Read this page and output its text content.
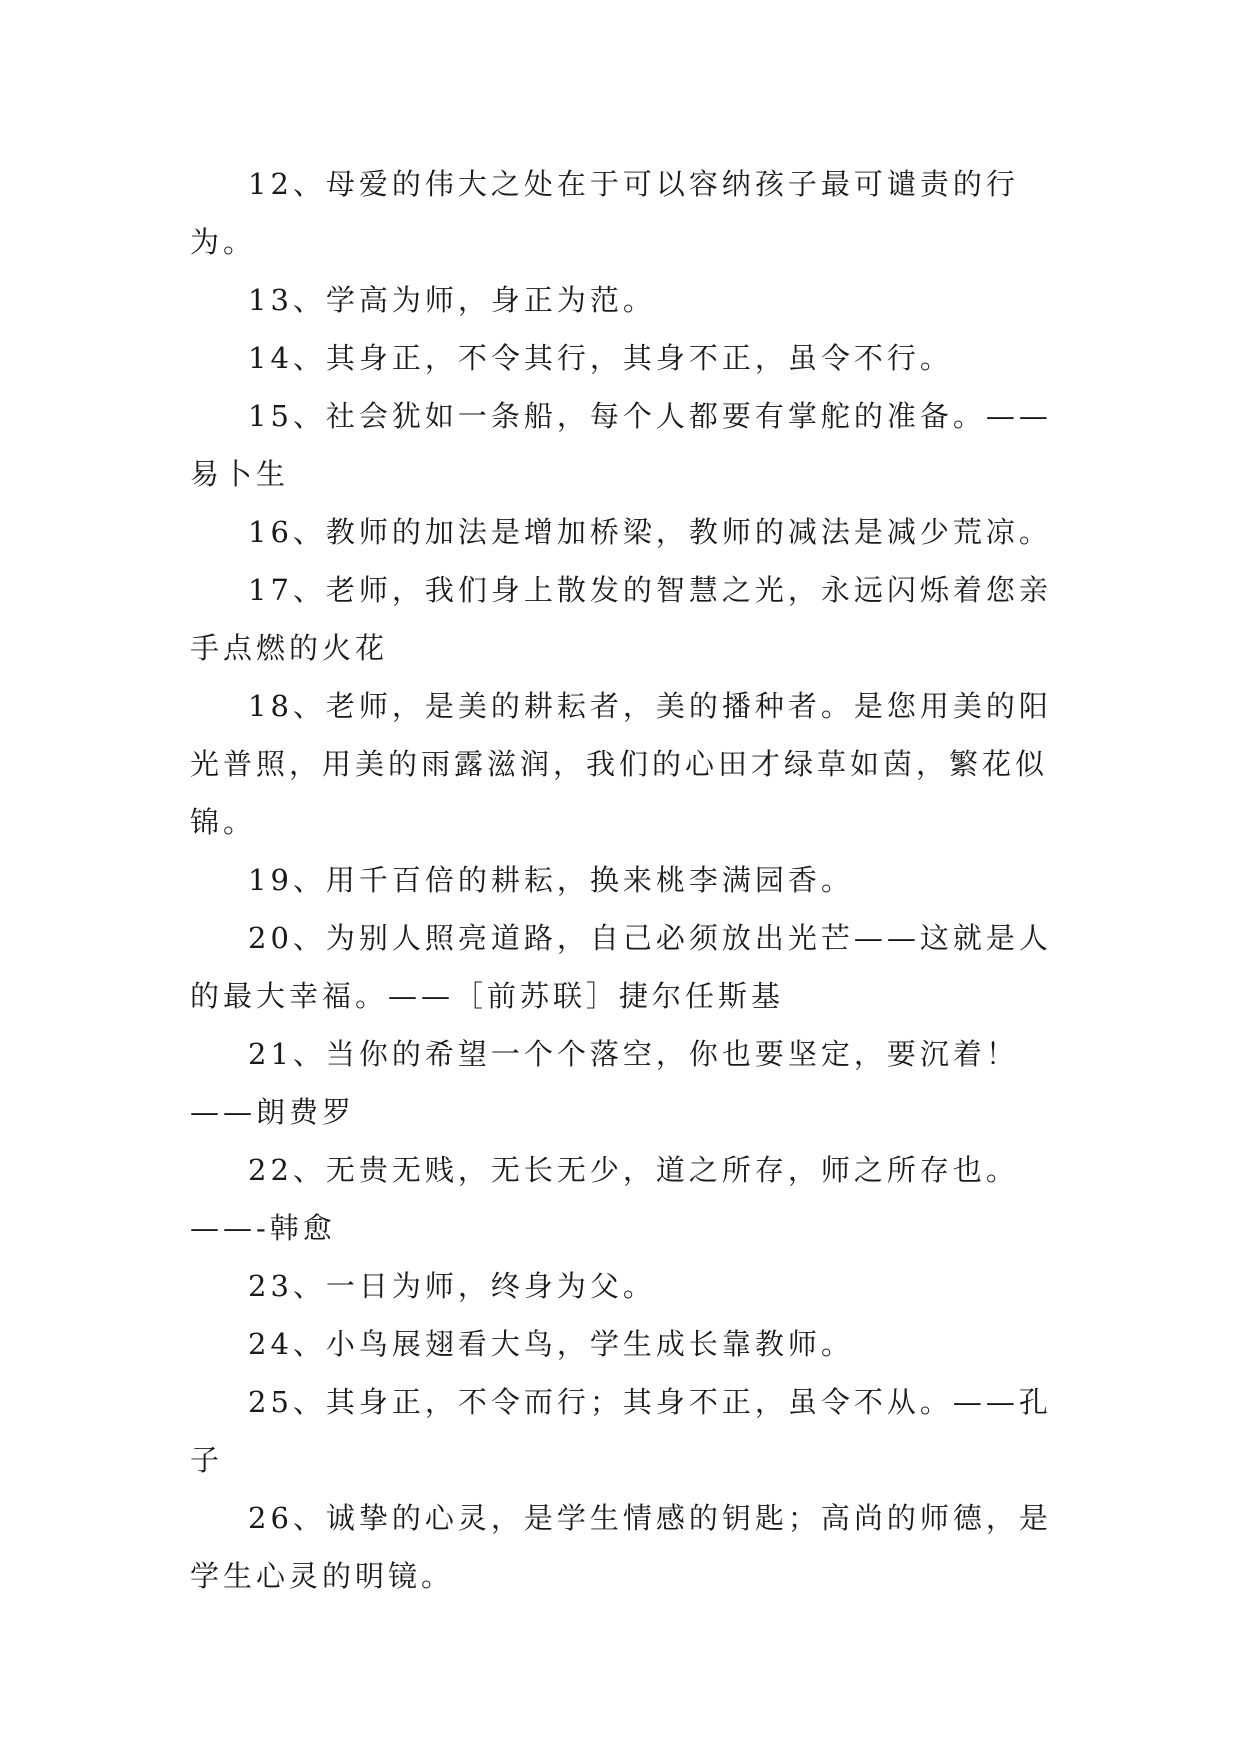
12、母爱的伟大之处在于可以容纳孩子最可谴责的行为。

13、学高为师，身正为范。

14、其身正，不令其行，其身不正，虽令不行。

15、社会犹如一条船，每个人都要有掌舵的准备。——易卜生

16、教师的加法是增加桥梁，教师的减法是减少荒凉。

17、老师，我们身上散发的智慧之光，永远闪烁着您亲手点燃的火花

18、老师，是美的耕耘者，美的播种者。是您用美的阳光普照，用美的雨露滋润，我们的心田才绿草如茵，繁花似锦。

19、用千百倍的耕耘，换来桃李满园香。

20、为别人照亮道路，自己必须放出光芒——这就是人的最大幸福。——［前苏联］捷尔任斯基

21、当你的希望一个个落空，你也要坚定，要沉着！——朗费罗

22、无贵无贱，无长无少，道之所存，师之所存也。——-韩愈

23、一日为师，终身为父。

24、小鸟展翅看大鸟，学生成长靠教师。

25、其身正，不令而行；其身不正，虽令不从。——孔子

26、诚挚的心灵，是学生情感的钥匙；高尚的师德，是学生心灵的明镜。
